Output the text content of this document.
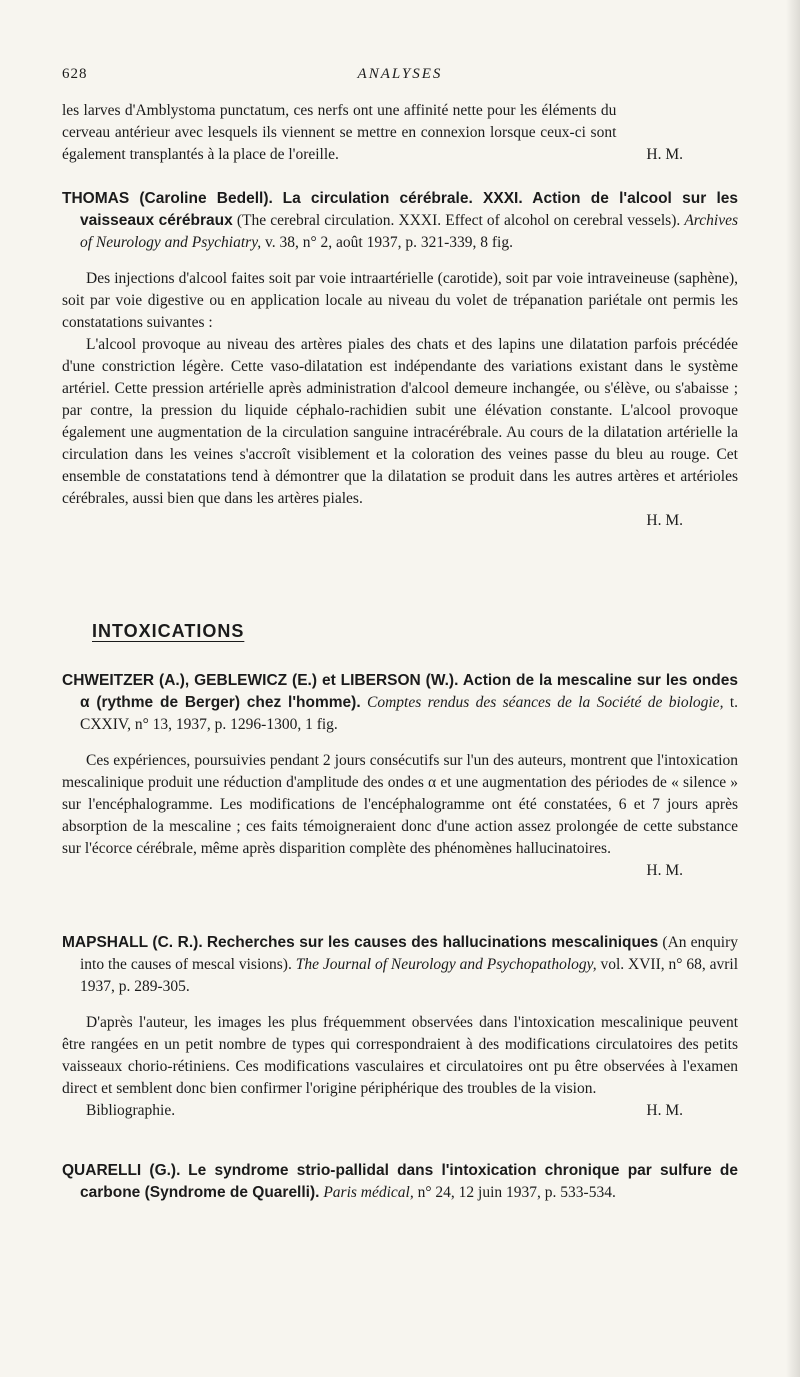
628	ANALYSES

les larves d'Amblystoma punctatum, ces nerfs ont une affinité nette pour les éléments du cerveau antérieur avec lesquels ils viennent se mettre en connexion lorsque ceux-ci sont également transplantés à la place de l'oreille.	H. M.

THOMAS (Caroline Bedell). La circulation cérébrale. XXXI. Action de l'alcool sur les vaisseaux cérébraux (The cerebral circulation. XXXI. Effect of alcohol on cerebral vessels). Archives of Neurology and Psychiatry, v. 38, n° 2, août 1937, p. 321-339, 8 fig.

Des injections d'alcool faites soit par voie intraartérielle (carotide), soit par voie intraveineuse (saphène), soit par voie digestive ou en application locale au niveau du volet de trépanation pariétale ont permis les constatations suivantes :

L'alcool provoque au niveau des artères piales des chats et des lapins une dilatation parfois précédée d'une constriction légère. Cette vaso-dilatation est indépendante des variations existant dans le système artériel. Cette pression artérielle après administration d'alcool demeure inchangée, ou s'élève, ou s'abaisse ; par contre, la pression du liquide céphalo-rachidien subit une élévation constante. L'alcool provoque également une augmentation de la circulation sanguine intracérébrale. Au cours de la dilatation artérielle la circulation dans les veines s'accroît visiblement et la coloration des veines passe du bleu au rouge. Cet ensemble de constatations tend à démontrer que la dilatation se produit dans les autres artères et artérioles cérébrales, aussi bien que dans les artères piales.

H. M.

INTOXICATIONS

CHWEITZER (A.), GEBLEWICZ (E.) et LIBERSON (W.). Action de la mescaline sur les ondes α (rythme de Berger) chez l'homme). Comptes rendus des séances de la Société de biologie, t. CXXIV, n° 13, 1937, p. 1296-1300, 1 fig.

Ces expériences, poursuivies pendant 2 jours consécutifs sur l'un des auteurs, montrent que l'intoxication mescalinique produit une réduction d'amplitude des ondes α et une augmentation des périodes de « silence » sur l'encéphalogramme. Les modifications de l'encéphalogramme ont été constatées, 6 et 7 jours après absorption de la mescaline ; ces faits témoigneraient donc d'une action assez prolongée de cette substance sur l'écorce cérébrale, même après disparition complète des phénomènes hallucinatoires.

H. M.

MAPSHALL (C. R.). Recherches sur les causes des hallucinations mescaliniques (An enquiry into the causes of mescal visions). The Journal of Neurology and Psychopathology, vol. XVII, n° 68, avril 1937, p. 289-305.

D'après l'auteur, les images les plus fréquemment observées dans l'intoxication mescalinique peuvent être rangées en un petit nombre de types qui correspondraient à des modifications circulatoires des petits vaisseaux chorio-rétiniens. Ces modifications vasculaires et circulatoires ont pu être observées à l'examen direct et semblent donc bien confirmer l'origine périphérique des troubles de la vision.

Bibliographie.	H. M.

QUARELLI (G.). Le syndrome strio-pallidal dans l'intoxication chronique par sulfure de carbone (Syndrome de Quarelli). Paris médical, n° 24, 12 juin 1937, p. 533-534.
